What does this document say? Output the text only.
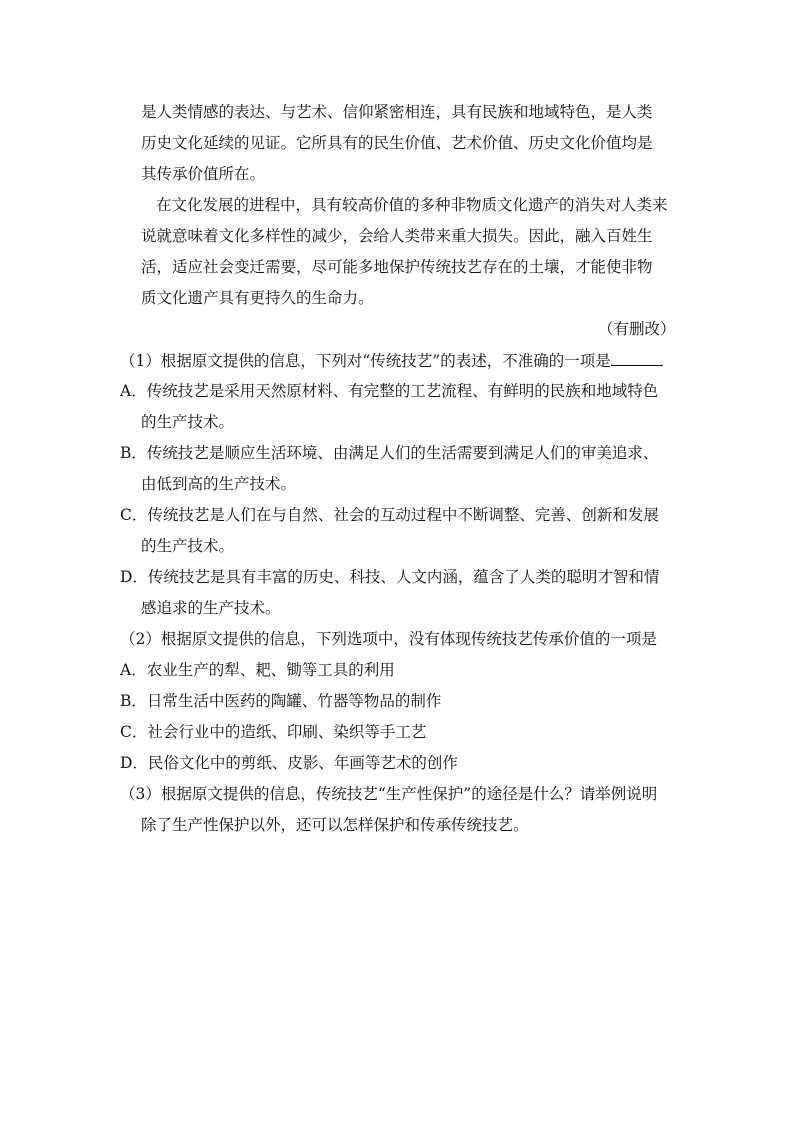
是人类情感的表达、与艺术、信仰紧密相连，具有民族和地域特色，是人类
历史文化延续的见证。它所具有的民生价值、艺术价值、历史文化价值均是
其传承价值所在。
在文化发展的进程中，具有较高价值的多种非物质文化遗产的消失对人类来
说就意味着文化多样性的减少，会给人类带来重大损失。因此，融入百姓生
活，适应社会变迁需要，尽可能多地保护传统技艺存在的土壤，才能使非物
质文化遗产具有更持久的生命力。
（有删改）
（1）根据原文提供的信息，下列对“传统技艺”的表述，不准确的一项是
A．传统技艺是采用天然原材料、有完整的工艺流程、有鲜明的民族和地域特色
的生产技术。
B．传统技艺是顺应生活环境、由满足人们的生活需要到满足人们的审美追求、
由低到高的生产技术。
C．传统技艺是人们在与自然、社会的互动过程中不断调整、完善、创新和发展
的生产技术。
D．传统技艺是具有丰富的历史、科技、人文内涵，蕴含了人类的聪明才智和情
感追求的生产技术。
（2）根据原文提供的信息，下列选项中，没有体现传统技艺传承价值的一项是
A．农业生产的犁、耙、锄等工具的利用
B．日常生活中医药的陶罐、竹器等物品的制作
C．社会行业中的造纸、印刷、染织等手工艺
D．民俗文化中的剪纸、皮影、年画等艺术的创作
（3）根据原文提供的信息，传统技艺“生产性保护”的途径是什么？请举例说明
除了生产性保护以外，还可以怎样保护和传承传统技艺。
